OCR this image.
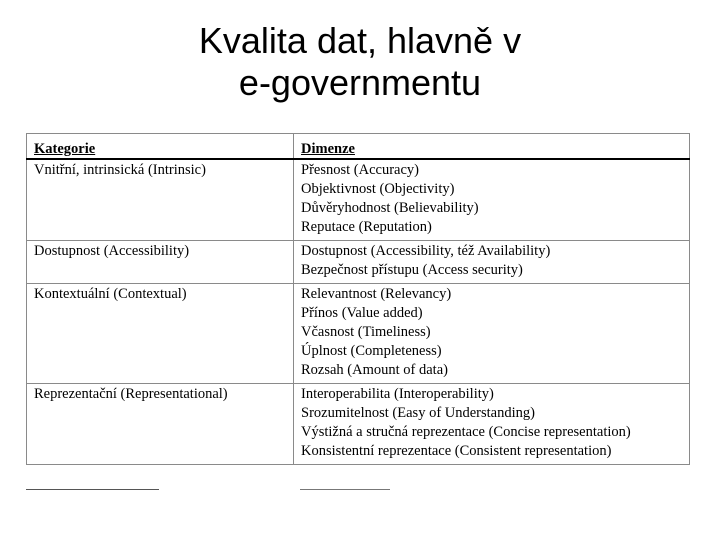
Kvalita dat, hlavně v
e-governmentu
Kategorie	Dimenze

Vnitřní, intrinsická (Intrinsic)	Přesnost (Accuracy)
Objektivnost (Objectivity)
Důvěryhodnost (Believability)
Reputace (Reputation)

Dostupnost (Accessibility)	Dostupnost (Accessibility, též Availability)
Bezpečnost přístupu (Access security)

Kontextuální (Contextual)	Relevantnost (Relevancy)
Přínos (Value added)
Včasnost (Timeliness)
Úplnost (Completeness)
Rozsah (Amount of data)

Reprezentační (Representational)	Interoperabilita (Interoperability)
Srozumitelnost (Easy of Understanding)
Výstižná a stručná reprezentace (Concise representation)
Konsistentní reprezentace (Consistent representation)
